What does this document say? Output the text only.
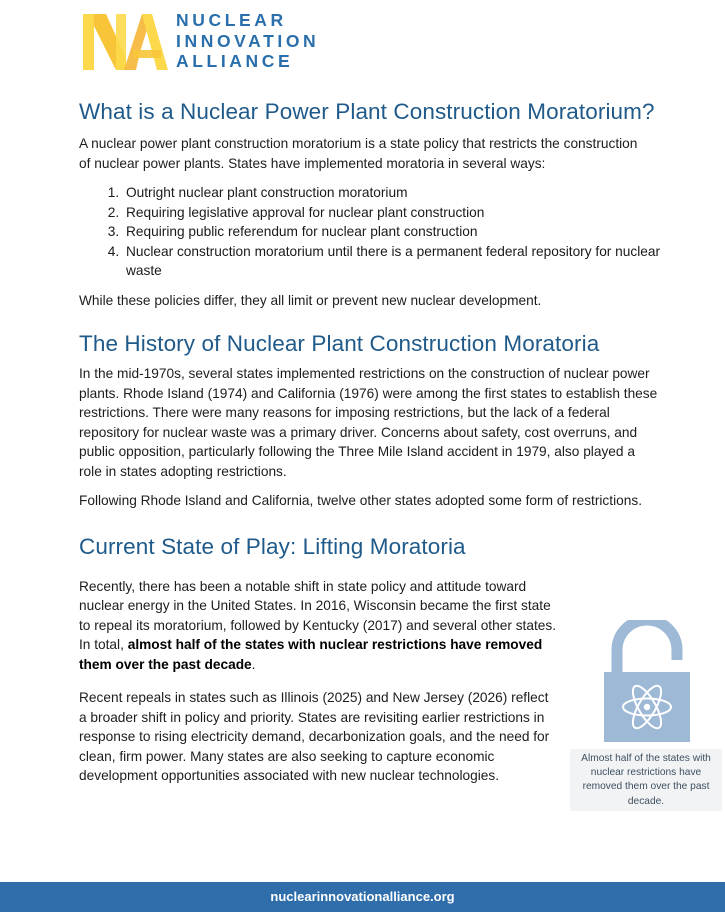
NUCLEAR
INNOVATION
ALLIANCE
What is a Nuclear Power Plant Construction Moratorium?

A nuclear power plant construction moratorium is a state policy that restricts the construction of nuclear power plants. States have implemented moratoria in several ways:

1. Outright nuclear plant construction moratorium
2. Requiring legislative approval for nuclear plant construction
3. Requiring public referendum for nuclear plant construction
4. Nuclear construction moratorium until there is a permanent federal repository for nuclear waste

While these policies differ, they all limit or prevent new nuclear development.

The History of Nuclear Plant Construction Moratoria

In the mid-1970s, several states implemented restrictions on the construction of nuclear power plants. Rhode Island (1974) and California (1976) were among the first states to establish these restrictions. There were many reasons for imposing restrictions, but the lack of a federal repository for nuclear waste was a primary driver. Concerns about safety, cost overruns, and public opposition, particularly following the Three Mile Island accident in 1979, also played a role in states adopting restrictions.

Following Rhode Island and California, twelve other states adopted some form of restrictions.

Current State of Play: Lifting Moratoria

Recently, there has been a notable shift in state policy and attitude toward nuclear energy in the United States. In 2016, Wisconsin became the first state to repeal its moratorium, followed by Kentucky (2017) and several other states. In total, almost half of the states with nuclear restrictions have removed them over the past decade.

Recent repeals in states such as Illinois (2025) and New Jersey (2026) reflect a broader shift in policy and priority. States are revisiting earlier restrictions in response to rising electricity demand, decarbonization goals, and the need for clean, firm power. Many states are also seeking to capture economic development opportunities associated with new nuclear technologies.

Almost half of the states with nuclear restrictions have removed them over the past decade.
nuclearinnovationalliance.org
